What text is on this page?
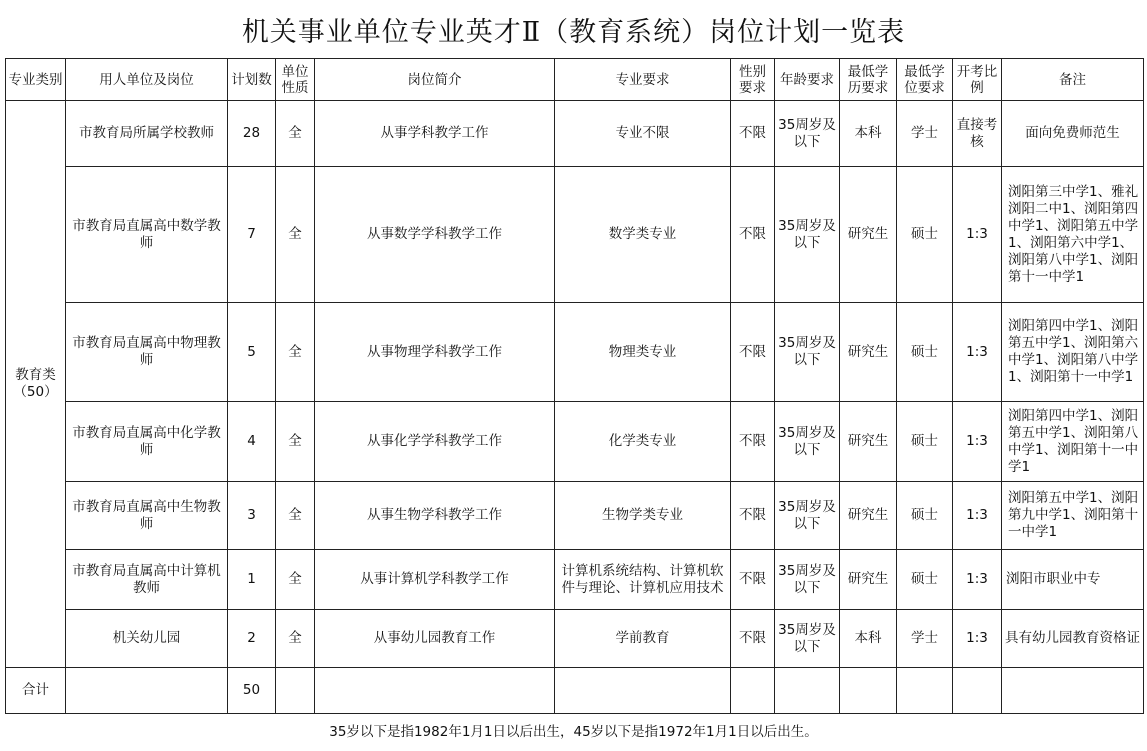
机关事业单位专业英才Ⅱ（教育系统）岗位计划一览表
专业类别	用人单位及岗位	计划数	单位性质	岗位简介	专业要求	性别要求	年龄要求	最低学历要求	最低学位要求	开考比例	备注
教育类（50）	市教育局所属学校教师	28	全	从事学科教学工作	专业不限	不限	35周岁及以下	本科	学士	直接考核	面向免费师范生
	市教育局直属高中数学教师	7	全	从事数学学科教学工作	数学类专业	不限	35周岁及以下	研究生	硕士	1:3	浏阳第三中学1、雅礼浏阳二中1、浏阳第四中学1、浏阳第五中学1、浏阳第六中学1、浏阳第八中学1、浏阳第十一中学1
	市教育局直属高中物理教师	5	全	从事物理学科教学工作	物理类专业	不限	35周岁及以下	研究生	硕士	1:3	浏阳第四中学1、浏阳第五中学1、浏阳第六中学1、浏阳第八中学1、浏阳第十一中学1
	市教育局直属高中化学教师	4	全	从事化学学科教学工作	化学类专业	不限	35周岁及以下	研究生	硕士	1:3	浏阳第四中学1、浏阳第五中学1、浏阳第八中学1、浏阳第十一中学1
	市教育局直属高中生物教师	3	全	从事生物学科教学工作	生物学类专业	不限	35周岁及以下	研究生	硕士	1:3	浏阳第五中学1、浏阳第九中学1、浏阳第十一中学1
	市教育局直属高中计算机教师	1	全	从事计算机学科教学工作	计算机系统结构、计算机软件与理论、计算机应用技术	不限	35周岁及以下	研究生	硕士	1:3	浏阳市职业中专
	机关幼儿园	2	全	从事幼儿园教育工作	学前教育	不限	35周岁及以下	本科	学士	1:3	具有幼儿园教育资格证
合计		50									
35岁以下是指1982年1月1日以后出生，45岁以下是指1972年1月1日以后出生。
